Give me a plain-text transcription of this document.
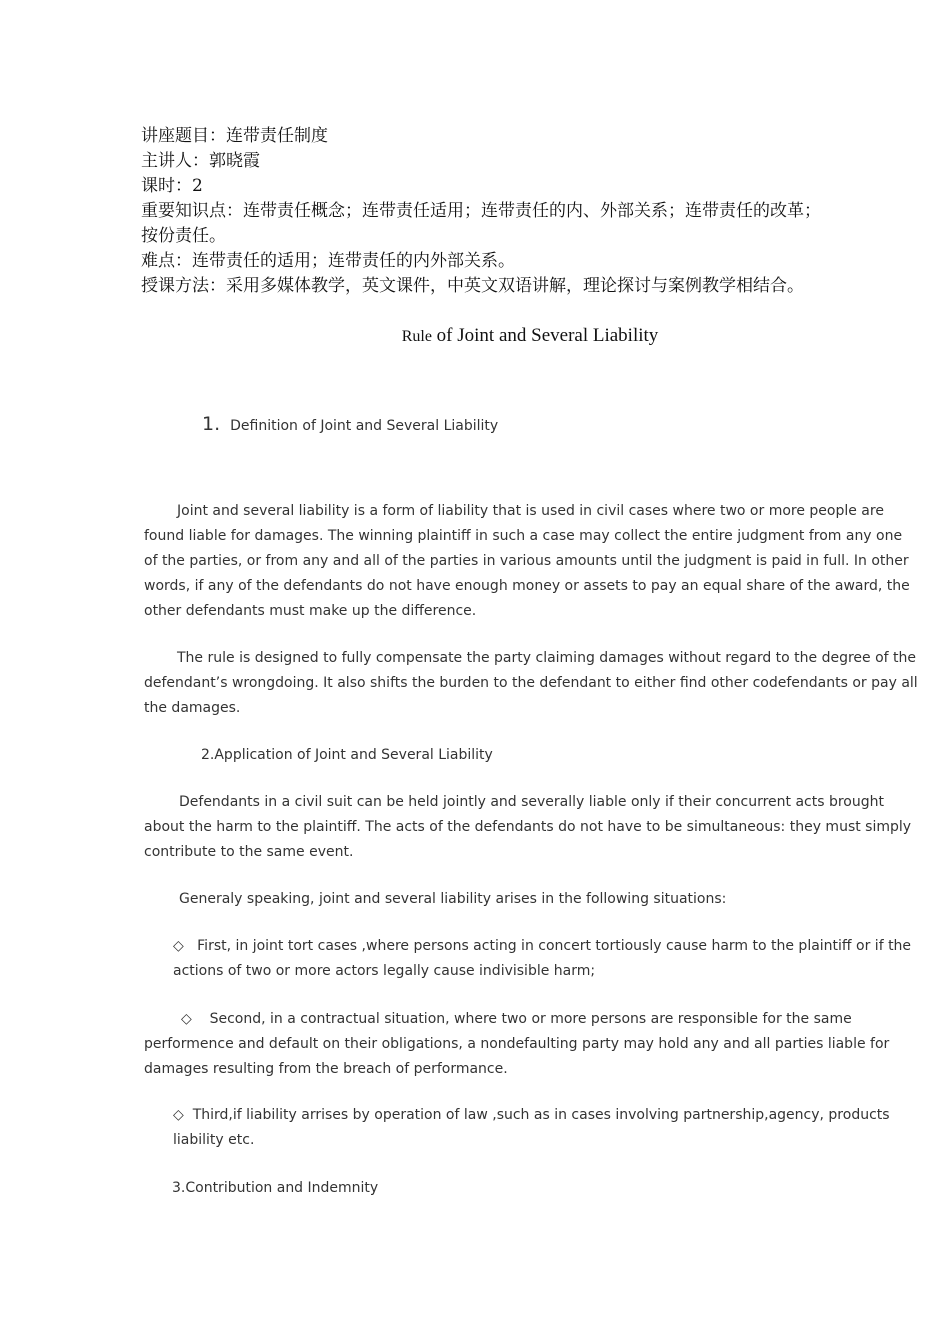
讲座题目：连带责任制度
主讲人：郭晓霞
课时：2
重要知识点：连带责任概念；连带责任适用；连带责任的内、外部关系；连带责任的改革；
按份责任。
难点：连带责任的适用；连带责任的内外部关系。
授课方法：采用多媒体教学，英文课件，中英文双语讲解，理论探讨与案例教学相结合。
Rule of Joint and Several Liability
1. Definition of Joint and Several Liability
Joint and several liability is a form of liability that is used in civil cases where two or more people are found liable for damages. The winning plaintiff in such a case may collect the entire judgment from any one of the parties, or from any and all of the parties in various amounts until the judgment is paid in full. In other words, if any of the defendants do not have enough money or assets to pay an equal share of the award, the other defendants must make up the difference.
The rule is designed to fully compensate the party claiming damages without regard to the degree of the defendant’s wrongdoing. It also shifts the burden to the defendant to either find other codefendants or pay all the damages.
2.Application of Joint and Several Liability
Defendants in a civil suit can be held jointly and severally liable only if their concurrent acts brought about the harm to the plaintiff. The acts of the defendants do not have to be simultaneous: they must simply contribute to the same event.
Generaly speaking, joint and several liability arises in the following situations:
◇ First, in joint tort cases ,where persons acting in concert tortiously cause harm to the plaintiff or if the actions of two or more actors legally cause indivisible harm;
◇ Second, in a contractual situation, where two or more persons are responsible for the same performence and default on their obligations, a nondefaulting party may hold any and all parties liable for damages resulting from the breach of performance.
◇ Third,if liability arrises by operation of law ,such as in cases involving partnership,agency, products liability etc.
3.Contribution and Indemnity
